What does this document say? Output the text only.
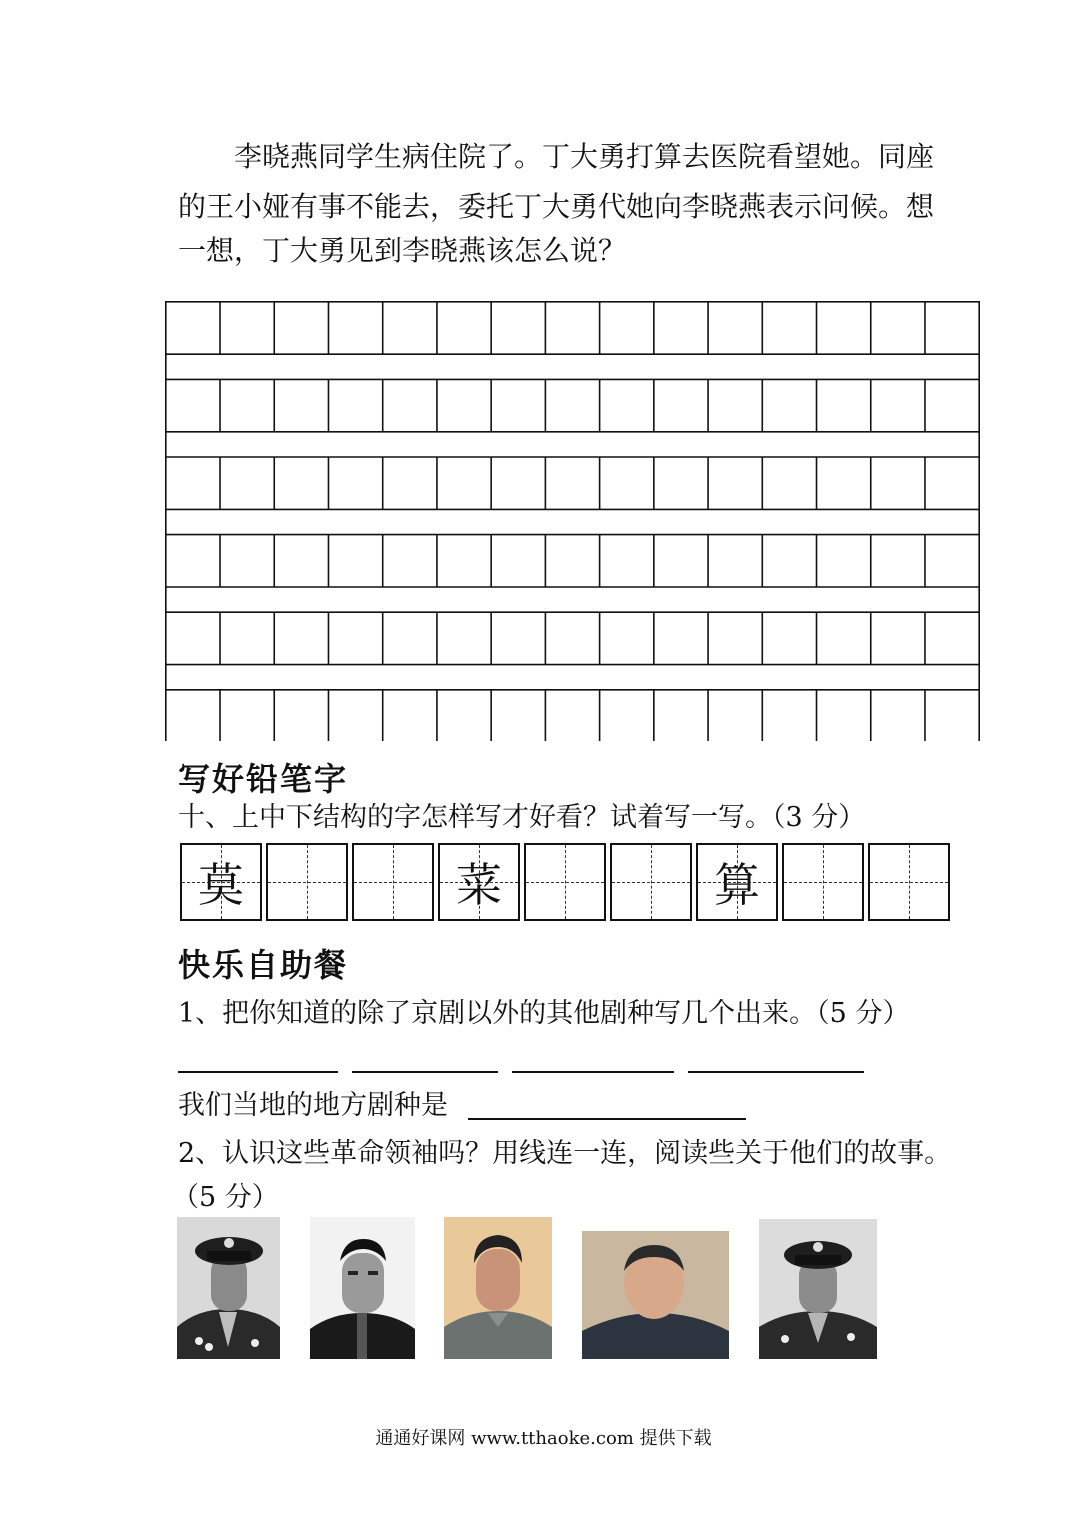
李晓燕同学生病住院了。丁大勇打算去医院看望她。同座

的王小娅有事不能去，委托丁大勇代她向李晓燕表示问候。想

一想，丁大勇见到李晓燕该怎么说？

写好铅笔字

十、上中下结构的字怎样写才好看？试着写一写。（3 分）

莫	菜	算

快乐自助餐

1、把你知道的除了京剧以外的其他剧种写几个出来。（5 分）

我们当地的地方剧种是

2、认识这些革命领袖吗？用线连一连，阅读些关于他们的故事。

（5 分）

通通好课网 www.tthaoke.com 提供下载
